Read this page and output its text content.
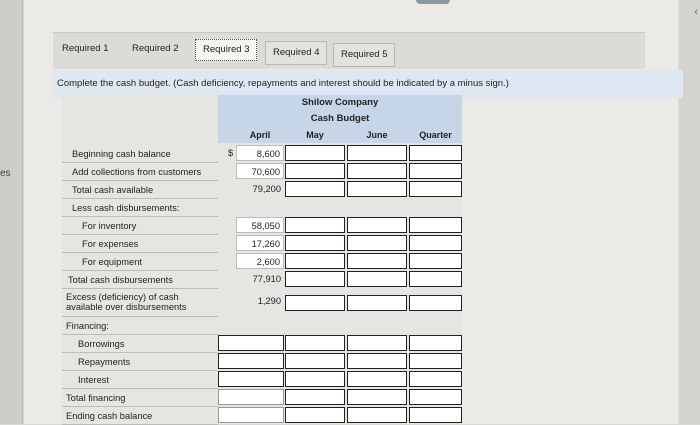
es
‹
Required 1	Required 2	Required 3	Required 4	Required 5
Complete the cash budget. (Cash deficiency, repayments and interest should be indicated by a minus sign.)
Shilow Company
Cash Budget
April	May	June	Quarter
Beginning cash balance	$	8,600
Add collections from customers	70,600
Total cash available	79,200
Less cash disbursements:
For inventory	58,050
For expenses	17,260
For equipment	2,600
Total cash disbursements	77,910
Excess (deficiency) of cash
available over disbursements
1,290
Financing:
Borrowings
Repayments
Interest
Total financing
Ending cash balance
